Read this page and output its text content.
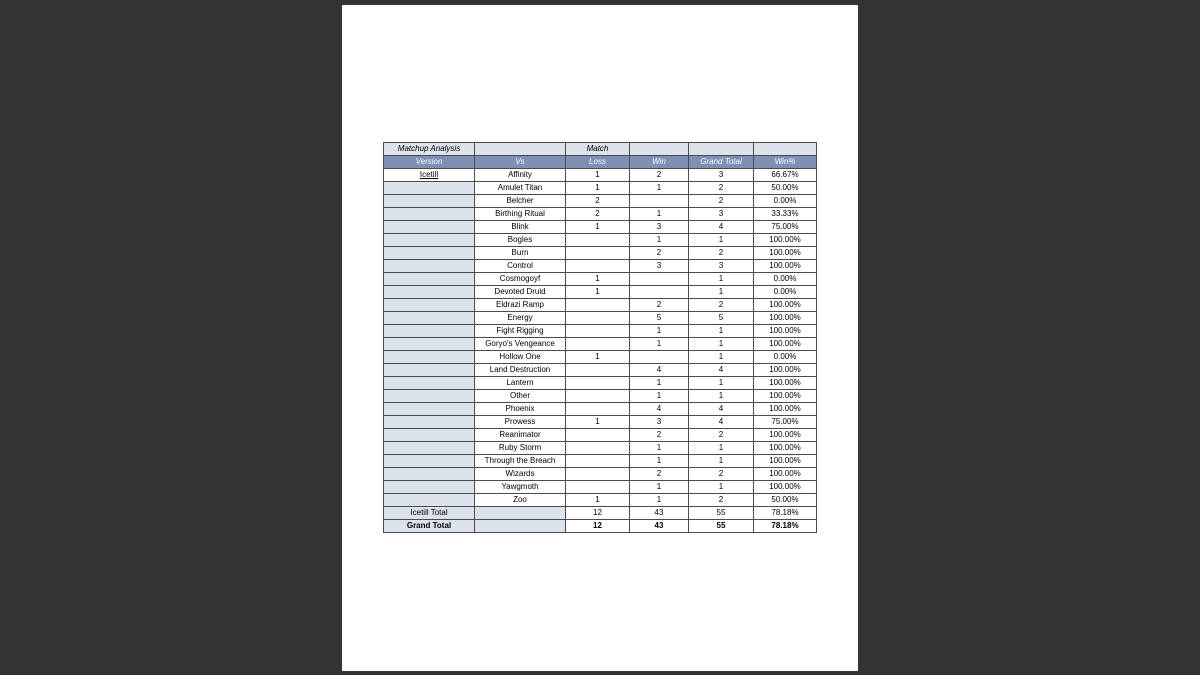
Matchup Analysis		Match			
Version	Vs	Loss	Win	Grand Total	Win%
Icetill	Affinity	1	2	3	66.67%
	Amulet Titan	1	1	2	50.00%
	Belcher	2		2	0.00%
	Birthing Ritual	2	1	3	33.33%
	Blink	1	3	4	75.00%
	Bogles		1	1	100.00%
	Burn		2	2	100.00%
	Control		3	3	100.00%
	Cosmogoyf	1		1	0.00%
	Devoted Druid	1		1	0.00%
	Eldrazi Ramp		2	2	100.00%
	Energy		5	5	100.00%
	Fight Rigging		1	1	100.00%
	Goryo's Vengeance		1	1	100.00%
	Hollow One	1		1	0.00%
	Land Destruction		4	4	100.00%
	Lantern		1	1	100.00%
	Other		1	1	100.00%
	Phoenix		4	4	100.00%
	Prowess	1	3	4	75.00%
	Reanimator		2	2	100.00%
	Ruby Storm		1	1	100.00%
	Through the Breach		1	1	100.00%
	Wizards		2	2	100.00%
	Yawgmoth		1	1	100.00%
	Zoo	1	1	2	50.00%
Icetill Total		12	43	55	78.18%
Grand Total		12	43	55	78.18%
